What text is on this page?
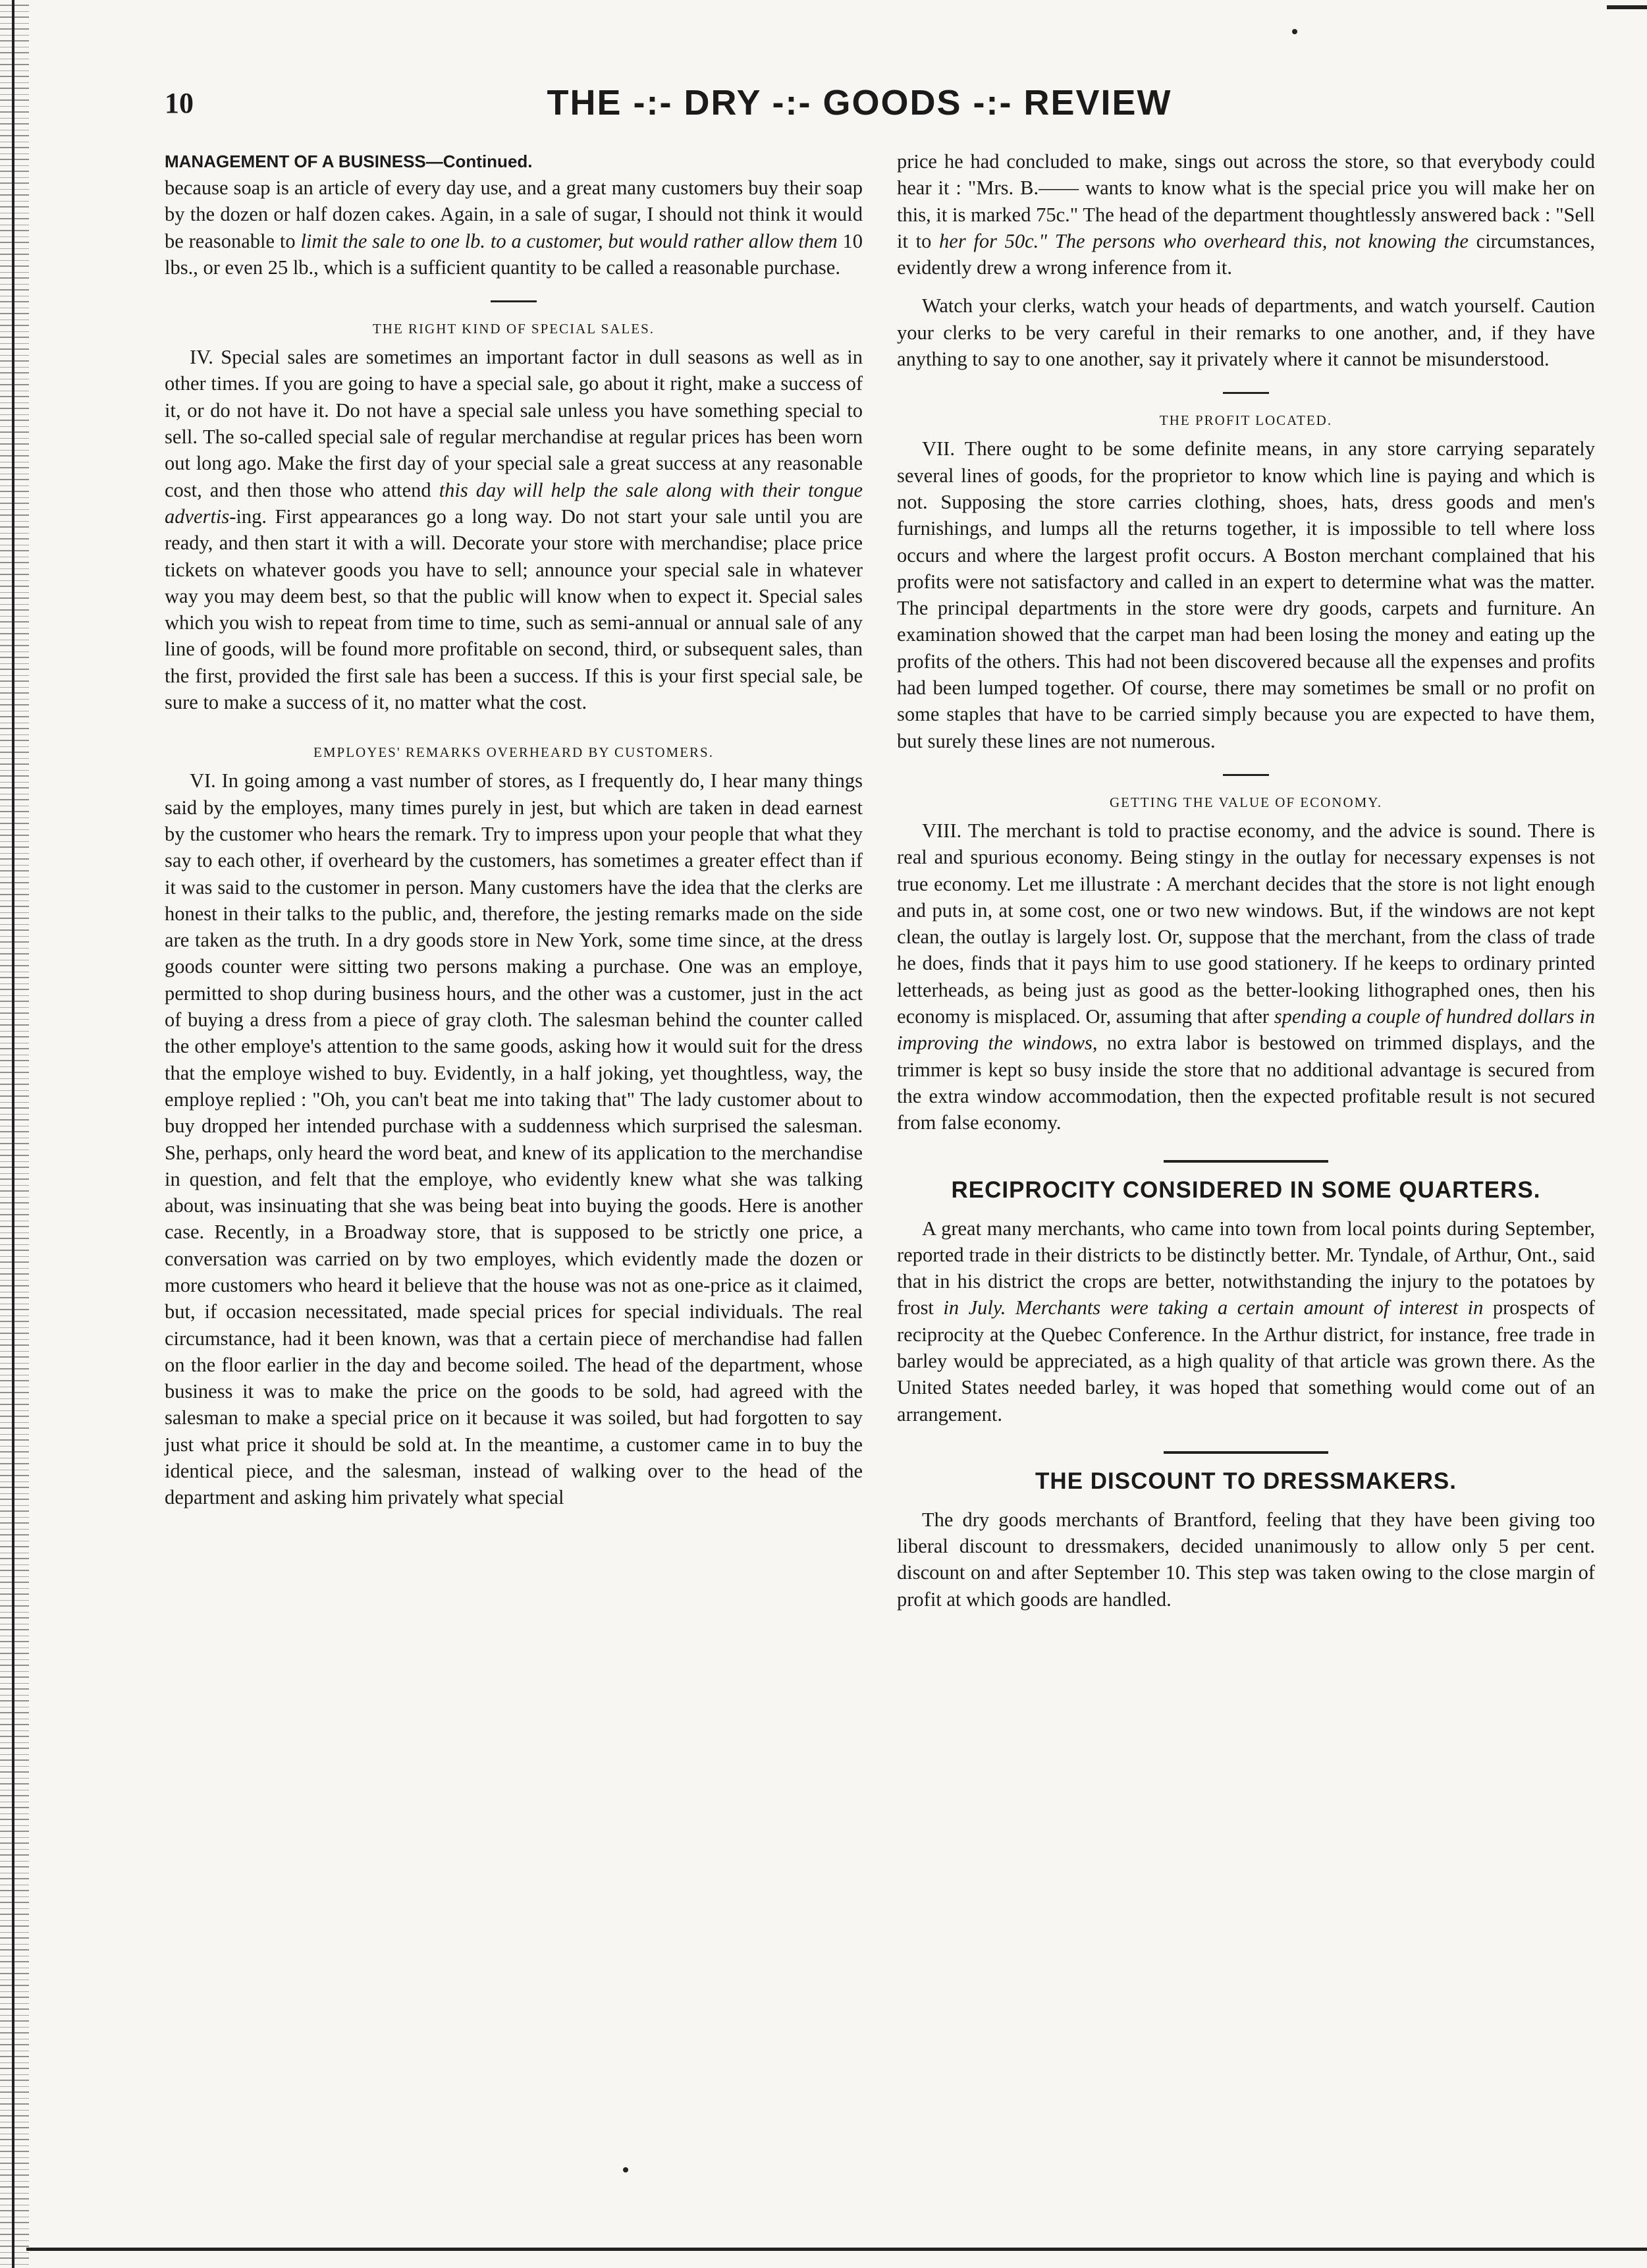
10	THE -:- DRY -:- GOODS -:- REVIEW
MANAGEMENT OF A BUSINESS—Continued.

because soap is an article of every day use, and a great many customers buy their soap by the dozen or half dozen cakes. Again, in a sale of sugar, I should not think it would be reasonable to limit the sale to one lb. to a customer, but would rather allow them 10 lbs., or even 25 lb., which is a sufficient quantity to be called a reasonable purchase.

THE RIGHT KIND OF SPECIAL SALES.

IV. Special sales are sometimes an important factor in dull seasons as well as in other times. If you are going to have a special sale, go about it right, make a success of it, or do not have it. Do not have a special sale unless you have something special to sell. The so-called special sale of regular merchandise at regular prices has been worn out long ago. Make the first day of your special sale a great success at any reasonable cost, and then those who attend this day will help the sale along with their tongue advertis-ing. First appearances go a long way. Do not start your sale until you are ready, and then start it with a will. Decorate your store with merchandise; place price tickets on whatever goods you have to sell; announce your special sale in whatever way you may deem best, so that the public will know when to expect it. Special sales which you wish to repeat from time to time, such as semi-annual or annual sale of any line of goods, will be found more profitable on second, third, or subsequent sales, than the first, provided the first sale has been a success. If this is your first special sale, be sure to make a success of it, no matter what the cost.

EMPLOYES' REMARKS OVERHEARD BY CUSTOMERS.

VI. In going among a vast number of stores, as I frequently do, I hear many things said by the employes, many times purely in jest, but which are taken in dead earnest by the customer who hears the remark. Try to impress upon your people that what they say to each other, if overheard by the customers, has sometimes a greater effect than if it was said to the customer in person. Many customers have the idea that the clerks are honest in their talks to the public, and, therefore, the jesting remarks made on the side are taken as the truth. In a dry goods store in New York, some time since, at the dress goods counter were sitting two persons making a purchase. One was an employe, permitted to shop during business hours, and the other was a customer, just in the act of buying a dress from a piece of gray cloth. The salesman behind the counter called the other employe's attention to the same goods, asking how it would suit for the dress that the employe wished to buy. Evidently, in a half joking, yet thoughtless, way, the employe replied : "Oh, you can't beat me into taking that" The lady customer about to buy dropped her intended purchase with a suddenness which surprised the salesman. She, perhaps, only heard the word beat, and knew of its application to the merchandise in question, and felt that the employe, who evidently knew what she was talking about, was insinuating that she was being beat into buying the goods. Here is another case. Recently, in a Broadway store, that is supposed to be strictly one price, a conversation was carried on by two employes, which evidently made the dozen or more customers who heard it believe that the house was not as one-price as it claimed, but, if occasion necessitated, made special prices for special individuals. The real circumstance, had it been known, was that a certain piece of merchandise had fallen on the floor earlier in the day and become soiled. The head of the department, whose business it was to make the price on the goods to be sold, had agreed with the salesman to make a special price on it because it was soiled, but had forgotten to say just what price it should be sold at. In the meantime, a customer came in to buy the identical piece, and the salesman, instead of walking over to the head of the department and asking him privately what special

price he had concluded to make, sings out across the store, so that everybody could hear it : "Mrs. B.—— wants to know what is the special price you will make her on this, it is marked 75c." The head of the department thoughtlessly answered back : "Sell it to her for 50c." The persons who overheard this, not knowing the circumstances, evidently drew a wrong inference from it.

Watch your clerks, watch your heads of departments, and watch yourself. Caution your clerks to be very careful in their remarks to one another, and, if they have anything to say to one another, say it privately where it cannot be misunderstood.

THE PROFIT LOCATED.

VII. There ought to be some definite means, in any store carrying separately several lines of goods, for the proprietor to know which line is paying and which is not. Supposing the store carries clothing, shoes, hats, dress goods and men's furnishings, and lumps all the returns together, it is impossible to tell where loss occurs and where the largest profit occurs. A Boston merchant complained that his profits were not satisfactory and called in an expert to determine what was the matter. The principal departments in the store were dry goods, carpets and furniture. An examination showed that the carpet man had been losing the money and eating up the profits of the others. This had not been discovered because all the expenses and profits had been lumped together. Of course, there may sometimes be small or no profit on some staples that have to be carried simply because you are expected to have them, but surely these lines are not numerous.

GETTING THE VALUE OF ECONOMY.

VIII. The merchant is told to practise economy, and the advice is sound. There is real and spurious economy. Being stingy in the outlay for necessary expenses is not true economy. Let me illustrate : A merchant decides that the store is not light enough and puts in, at some cost, one or two new windows. But, if the windows are not kept clean, the outlay is largely lost. Or, suppose that the merchant, from the class of trade he does, finds that it pays him to use good stationery. If he keeps to ordinary printed letterheads, as being just as good as the better-looking lithographed ones, then his economy is misplaced. Or, assuming that after spending a couple of hundred dollars in improving the windows, no extra labor is bestowed on trimmed displays, and the trimmer is kept so busy inside the store that no additional advantage is secured from the extra window accommodation, then the expected profitable result is not secured from false economy.

RECIPROCITY CONSIDERED IN SOME QUARTERS.

A great many merchants, who came into town from local points during September, reported trade in their districts to be distinctly better. Mr. Tyndale, of Arthur, Ont., said that in his district the crops are better, notwithstanding the injury to the potatoes by frost in July. Merchants were taking a certain amount of interest in prospects of reciprocity at the Quebec Conference. In the Arthur district, for instance, free trade in barley would be appreciated, as a high quality of that article was grown there. As the United States needed barley, it was hoped that something would come out of an arrangement.

THE DISCOUNT TO DRESSMAKERS.

The dry goods merchants of Brantford, feeling that they have been giving too liberal discount to dressmakers, decided unanimously to allow only 5 per cent. discount on and after September 10. This step was taken owing to the close margin of profit at which goods are handled.
